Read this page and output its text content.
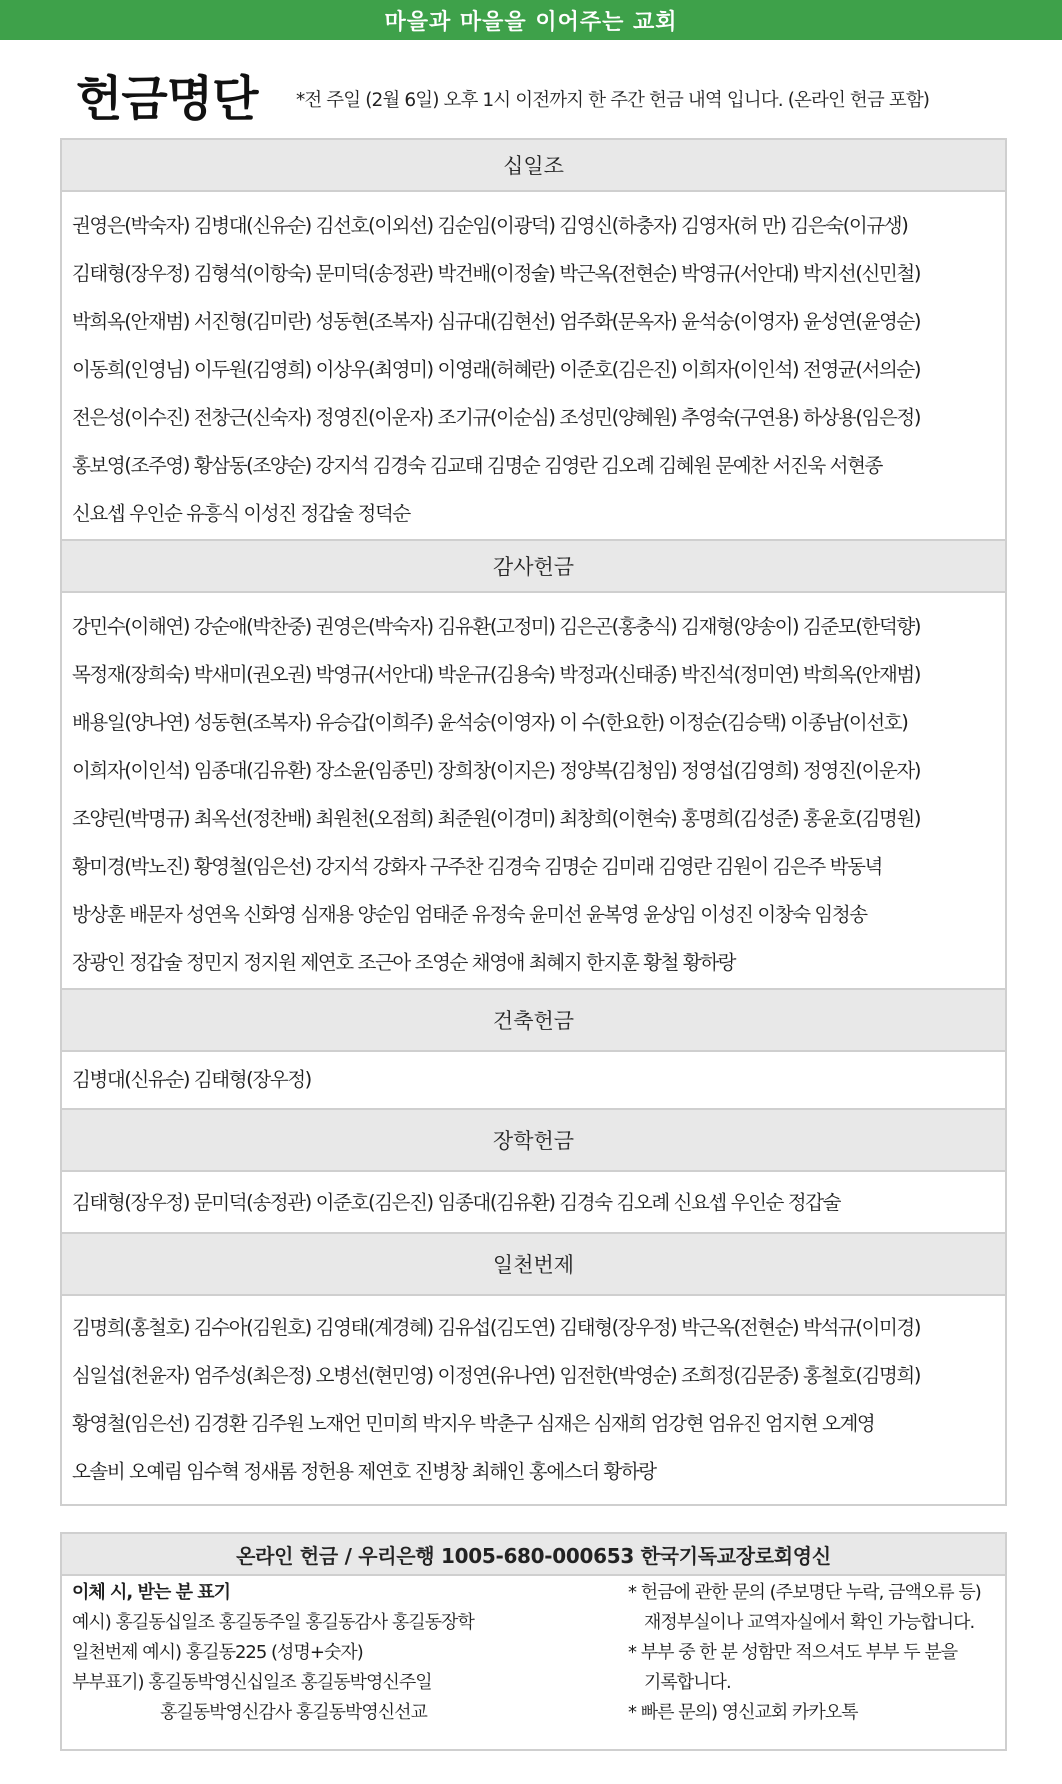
마을과 마을을 이어주는 교회
헌금명단 *전 주일 (2월 6일) 오후 1시 이전까지 한 주간 헌금 내역 입니다. (온라인 헌금 포함)
십일조
권영은(박숙자) 김병대(신유순) 김선호(이외선) 김순임(이광덕) 김영신(하충자) 김영자(허 만) 김은숙(이규생)
김태형(장우정) 김형석(이항숙) 문미덕(송정관) 박건배(이정술) 박근옥(전현순) 박영규(서안대) 박지선(신민철)
박희옥(안재범) 서진형(김미란) 성동현(조복자) 심규대(김현선) 엄주화(문옥자) 윤석숭(이영자) 윤성연(윤영순)
이동희(인영님) 이두원(김영희) 이상우(최영미) 이영래(허혜란) 이준호(김은진) 이희자(이인석) 전영균(서의순)
전은성(이수진) 전창근(신숙자) 정영진(이운자) 조기규(이순심) 조성민(양혜원) 추영숙(구연용) 하상용(임은정)
홍보영(조주영) 황삼동(조양순) 강지석 김경숙 김교태 김명순 김영란 김오례 김혜원 문예찬 서진욱 서현종
신요셉 우인순 유흥식 이성진 정갑술 정덕순
감사헌금
강민수(이해연) 강순애(박찬중) 권영은(박숙자) 김유환(고정미) 김은곤(홍충식) 김재형(양송이) 김준모(한덕향)
목정재(장희숙) 박새미(권오권) 박영규(서안대) 박운규(김용숙) 박정과(신태종) 박진석(정미연) 박희옥(안재범)
배용일(양나연) 성동현(조복자) 유승갑(이희주) 윤석숭(이영자) 이 수(한요한) 이정순(김승택) 이종남(이선호)
이희자(이인석) 임종대(김유환) 장소윤(임종민) 장희창(이지은) 정양복(김청임) 정영섭(김영희) 정영진(이운자)
조양린(박명규) 최옥선(정찬배) 최원천(오점희) 최준원(이경미) 최창희(이현숙) 홍명희(김성준) 홍윤호(김명원)
황미경(박노진) 황영철(임은선) 강지석 강화자 구주찬 김경숙 김명순 김미래 김영란 김원이 김은주 박동녁
방상훈 배문자 성연옥 신화영 심재용 양순임 엄태준 유정숙 윤미선 윤복영 윤상임 이성진 이창숙 임청송
장광인 정갑술 정민지 정지원 제연호 조근아 조영순 채영애 최혜지 한지훈 황철 황하랑
건축헌금
김병대(신유순) 김태형(장우정)
장학헌금
김태형(장우정) 문미덕(송정관) 이준호(김은진) 임종대(김유환) 김경숙 김오례 신요셉 우인순 정갑술
일천번제
김명희(홍철호) 김수아(김원호) 김영태(계경혜) 김유섭(김도연) 김태형(장우정) 박근옥(전현순) 박석규(이미경)
심일섭(천윤자) 엄주성(최은정) 오병선(현민영) 이정연(유나연) 임전한(박영순) 조희정(김문중) 홍철호(김명희)
황영철(임은선) 김경환 김주원 노재언 민미희 박지우 박춘구 심재은 심재희 엄강현 엄유진 엄지현 오계영
오솔비 오예림 임수혁 정새롬 정헌용 제연호 진병창 최해인 홍에스더 황하랑
온라인 헌금 / 우리은행 1005-680-000653 한국기독교장로회영신
이체 시, 받는 분 표기
예시) 홍길동십일조 홍길동주일 홍길동감사 홍길동장학
일천번제 예시) 홍길동225 (성명+숫자)
부부표기) 홍길동박영신십일조 홍길동박영신주일
홍길동박영신감사 홍길동박영신선교
* 헌금에 관한 문의 (주보명단 누락, 금액오류 등)
재정부실이나 교역자실에서 확인 가능합니다.
* 부부 중 한 분 성함만 적으셔도 부부 두 분을
기록합니다.
* 빠른 문의) 영신교회 카카오톡
